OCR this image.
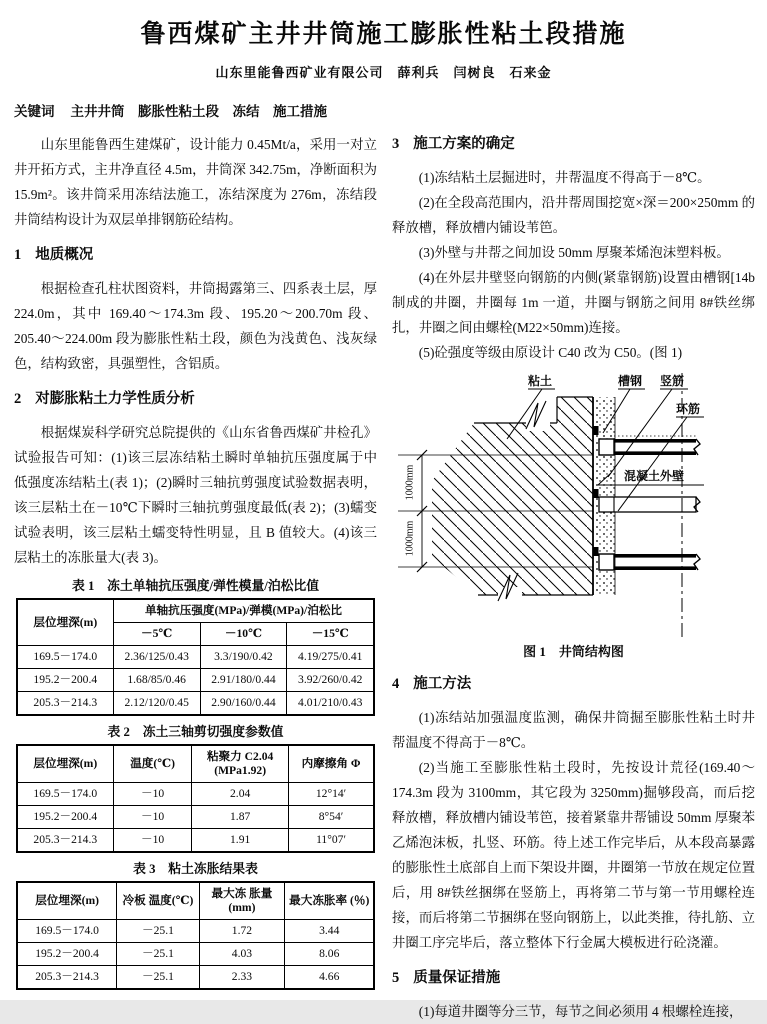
鲁西煤矿主井井筒施工膨胀性粘土段措施
山东里能鲁西矿业有限公司　薛利兵　闫树良　石来金
关键词 主井井筒　膨胀性粘土段　冻结　施工措施

山东里能鲁西生建煤矿，设计能力 0.45Mt/a，采用一对立井开拓方式，主井净直径 4.5m，井筒深 342.75m，净断面积为 15.9m²。该井筒采用冻结法施工，冻结深度为 276m，冻结段井筒结构设计为双层单排钢筋砼结构。

1 地质概况

根据检查孔柱状图资料，井筒揭露第三、四系表土层，厚 224.0m，其中 169.40～174.3m 段、195.20～200.70m 段、205.40～224.00m 段为膨胀性粘土段，颜色为浅黄色、浅灰绿色，结构致密，具强塑性，含铝质。

2 对膨胀粘土力学性质分析

根据煤炭科学研究总院提供的《山东省鲁西煤矿井检孔》试验报告可知：(1)该三层冻结粘土瞬时单轴抗压强度属于中低强度冻结粘土(表 1)；(2)瞬时三轴抗剪强度试验数据表明，该三层粘土在－10℃下瞬时三轴抗剪强度最低(表 2)；(3)蠕变试验表明，该三层粘土蠕变特性明显，且 B 值较大。(4)该三层粘土的冻胀量大(表 3)。

表 1　冻土单轴抗压强度/弹性模量/泊松比值
层位埋深(m)	单轴抗压强度(MPa)/弹模(MPa)/泊松比		
	－5℃	－10℃	－15℃
169.5－174.0	2.36/125/0.43	3.3/190/0.42	4.19/275/0.41
195.2－200.4	1.68/85/0.46	2.91/180/0.44	3.92/260/0.42
205.3－214.3	2.12/120/0.45	2.90/160/0.44	4.01/210/0.43
表 2　冻土三轴剪切强度参数值
层位埋深(m)	温度(℃)	粘聚力 C2.04 (MPa1.92)	内摩擦角 Φ
169.5－174.0	－10	2.04	12°14′
195.2－200.4	－10	1.87	8°54′
205.3－214.3	－10	1.91	11°07′
表 3　粘土冻胀结果表
层位埋深(m)	冷板 温度(℃)	最大冻 胀量(mm)	最大冻胀率 (％)
169.5－174.0	－25.1	1.72	3.44
195.2－200.4	－25.1	4.03	8.06
205.3－214.3	－25.1	2.33	4.66
3 施工方案的确定

(1)冻结粘土层掘进时，井帮温度不得高于－8℃。

(2)在全段高范围内，沿井帮周围挖宽×深＝200×250mm 的释放槽，释放槽内铺设苇笆。

(3)外壁与井帮之间加设 50mm 厚聚苯烯泡沫塑料板。

(4)在外层井壁竖向钢筋的内侧(紧靠钢筋)设置由槽钢[14b 制成的井圈，井圈每 1m 一道，井圈与钢筋之间用 8#铁丝绑扎，井圈之间由螺栓(M22×50mm)连接。

(5)砼强度等级由原设计 C40 改为 C50。(图 1)

粘土	槽钢 竖筋
环筋
混凝土外壁
1000mm
1000mm
图 1　井筒结构图
4 施工方法

(1)冻结站加强温度监测，确保井筒掘至膨胀性粘土时井帮温度不得高于－8℃。

(2)当施工至膨胀性粘土段时，先按设计荒径(169.40～174.3m 段为 3100mm，其它段为 3250mm)掘够段高，而后挖释放槽，释放槽内铺设苇笆，接着紧靠井帮铺设 50mm 厚聚苯乙烯泡沫板，扎竖、环筋。待上述工作完毕后，从本段高暴露的膨胀性土底部自上而下架设井圈，井圈第一节放在规定位置后，用 8#铁丝捆绑在竖筋上，再将第二节与第一节用螺栓连接，而后将第二节捆绑在竖向钢筋上，以此类推，待扎筋、立井圈工序完毕后，落立整体下行金属大模板进行砼浇灌。

5 质量保证措施

(1)每道井圈等分三节，每节之间必须用 4 根螺栓连接，
